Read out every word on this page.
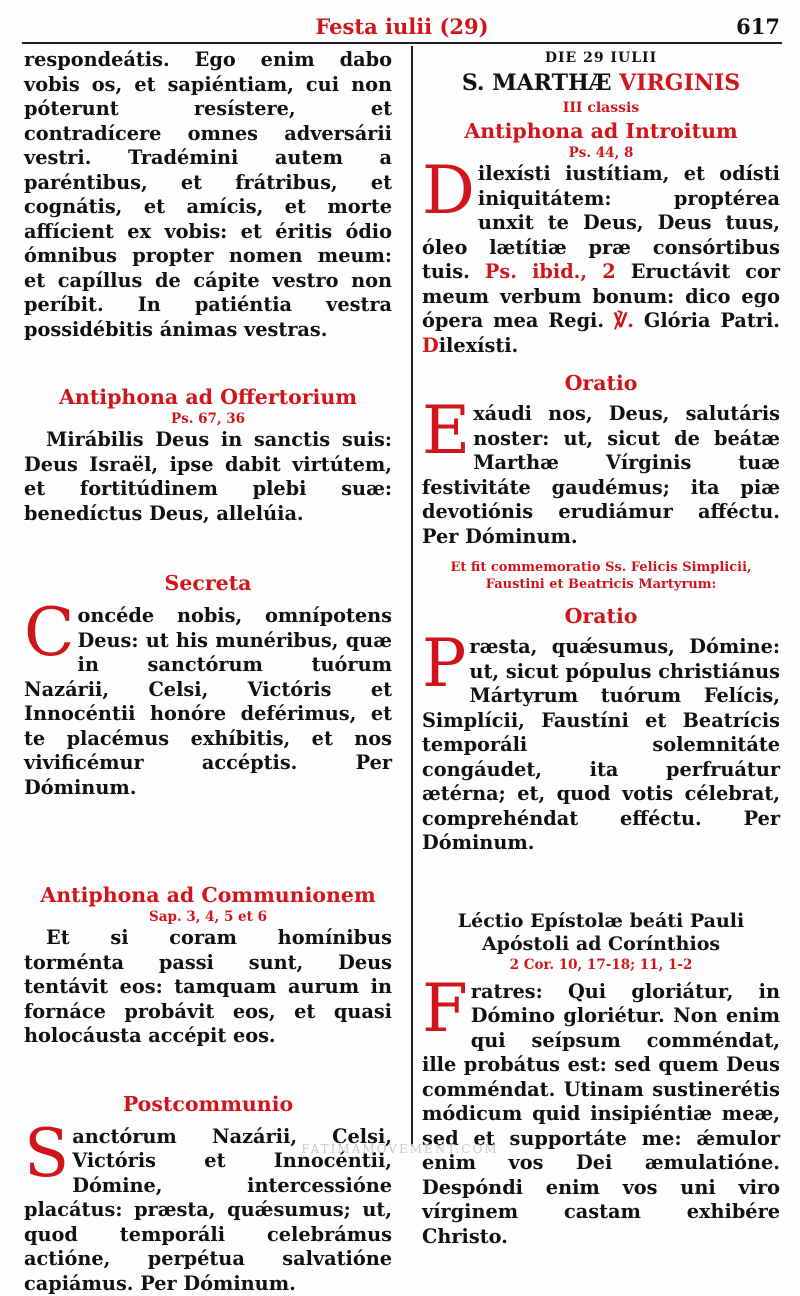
Festa iulii (29)	617

respondeátis. Ego enim dabo vobis os, et sapiéntiam, cui non póterunt resístere, et contradícere omnes adversárii vestri. Tradémini autem a paréntibus, et frátribus, et cognátis, et amícis, et morte affícient ex vobis: et éritis ódio ómnibus propter nomen meum: et capíllus de cápite vestro non períbit. In patiéntia vestra possidébitis ánimas vestras.

Antiphona ad Offertorium
Ps. 67, 36

Mirábilis Deus in sanctis suis: Deus Israël, ipse dabit virtútem, et fortitúdinem plebi suæ: benedíctus Deus, allelúia.

Secreta

Concéde nobis, omnípotens Deus: ut his munéribus, quæ in sanctórum tuórum Nazárii, Celsi, Victóris et Innocéntii honóre deférimus, et te placémus exhíbitis, et nos vivificémur accéptis. Per Dóminum.

Antiphona ad Communionem
Sap. 3, 4, 5 et 6

Et si coram homínibus torménta passi sunt, Deus tentávit eos: tamquam aurum in fornáce probávit eos, et quasi holocáusta accépit eos.

Postcommunio

Sanctórum Nazárii, Celsi, Victóris et Innocéntii, Dómine, intercessióne placátus: præsta, quǽsumus; ut, quod temporáli celebrámus actióne, perpétua salvatióne capiámus. Per Dóminum.

DIE 29 IULII
S. MARTHÆ VIRGINIS
III classis
Antiphona ad Introitum
Ps. 44, 8

Dilexísti iustítiam, et odísti iniquitátem: proptérea unxit te Deus, Deus tuus, óleo lætítiæ præ consórtibus tuis. Ps. ibid., 2 Eructávit cor meum verbum bonum: dico ego ópera mea Regi. ℣. Glória Patri. Dilexísti.

Oratio

Exáudi nos, Deus, salutáris noster: ut, sicut de beátæ Marthæ Vírginis tuæ festivitáte gaudémus; ita piæ devotiónis erudiámur afféctu. Per Dóminum.

Et fit commemoratio Ss. Felicis Simplicii, Faustini et Beatricis Martyrum:
Oratio

Præsta, quǽsumus, Dómine: ut, sicut pópulus christiánus Mártyrum tuórum Felícis, Simplícii, Faustíni et Beatrícis temporáli solemnitáte congáudet, ita perfruátur ætérna; et, quod votis célebrat, comprehéndat efféctu. Per Dóminum.

Léctio Epístolæ beáti Pauli Apóstoli ad Corínthios
2 Cor. 10, 17-18; 11, 1-2

Fratres: Qui gloriátur, in Dómino gloriétur. Non enim qui seípsum comméndat, ille probátus est: sed quem Deus comméndat. Utinam sustinerétis módicum quid insipiéntiæ meæ, sed et supportáte me: ǽmulor enim vos Dei æmulatióne. Despóndi enim vos uni viro vírginem castam exhibére Christo.

FATIMAMOVEMENT.COM
